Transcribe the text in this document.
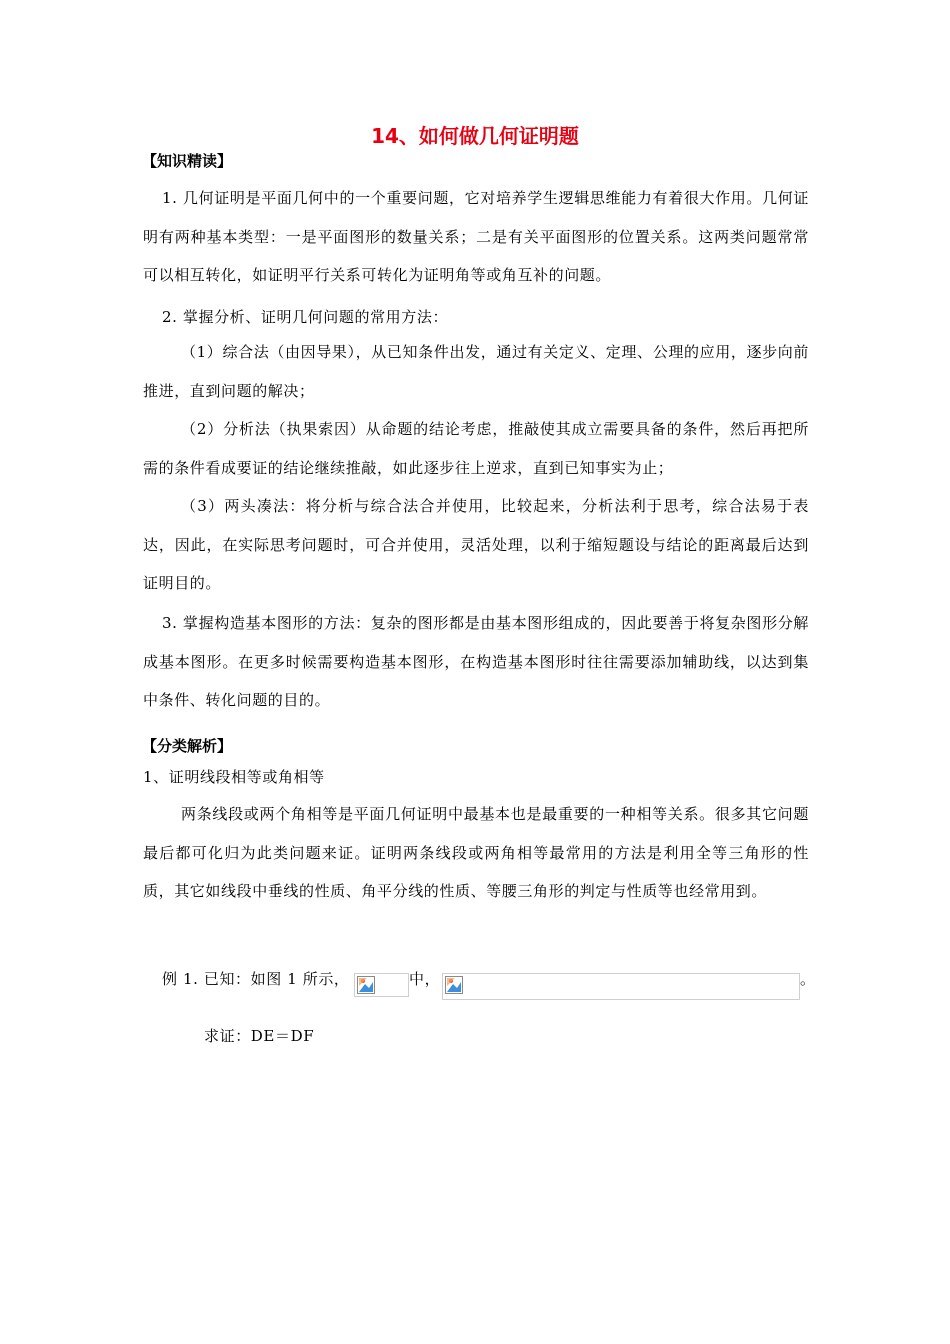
14、如何做几何证明题
【知识精读】

1. 几何证明是平面几何中的一个重要问题，它对培养学生逻辑思维能力有着很大作用。几何证明有两种基本类型：一是平面图形的数量关系；二是有关平面图形的位置关系。这两类问题常常可以相互转化，如证明平行关系可转化为证明角等或角互补的问题。

2. 掌握分析、证明几何问题的常用方法：

（1）综合法（由因导果），从已知条件出发，通过有关定义、定理、公理的应用，逐步向前推进，直到问题的解决；

（2）分析法（执果索因）从命题的结论考虑，推敲使其成立需要具备的条件，然后再把所需的条件看成要证的结论继续推敲，如此逐步往上逆求，直到已知事实为止；

（3）两头凑法：将分析与综合法合并使用，比较起来，分析法利于思考，综合法易于表达，因此，在实际思考问题时，可合并使用，灵活处理，以利于缩短题设与结论的距离最后达到证明目的。

3. 掌握构造基本图形的方法：复杂的图形都是由基本图形组成的，因此要善于将复杂图形分解成基本图形。在更多时候需要构造基本图形，在构造基本图形时往往需要添加辅助线，以达到集中条件、转化问题的目的。

【分类解析】
1、证明线段相等或角相等

两条线段或两个角相等是平面几何证明中最基本也是最重要的一种相等关系。很多其它问题最后都可化归为此类问题来证。证明两条线段或两角相等最常用的方法是利用全等三角形的性质，其它如线段中垂线的性质、角平分线的性质、等腰三角形的判定与性质等也经常用到。

例 1. 已知：如图 1 所示，	中，	。
求证：DE＝DF
